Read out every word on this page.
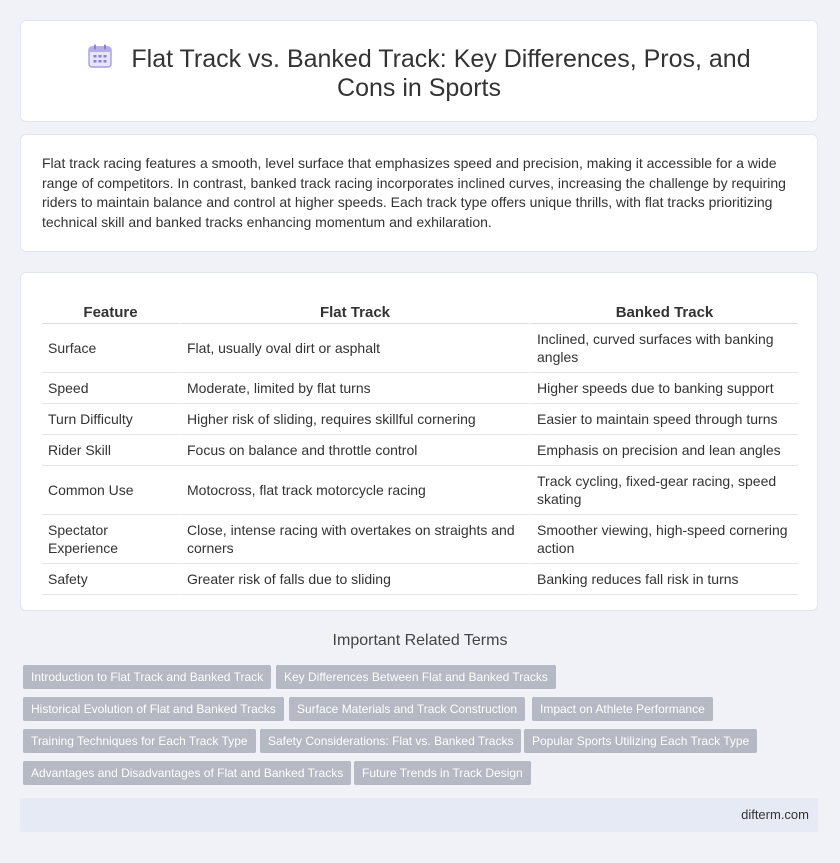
Flat Track vs. Banked Track: Key Differences, Pros, and Cons in Sports

Flat track racing features a smooth, level surface that emphasizes speed and precision, making it accessible for a wide range of competitors. In contrast, banked track racing incorporates inclined curves, increasing the challenge by requiring riders to maintain balance and control at higher speeds. Each track type offers unique thrills, with flat tracks prioritizing technical skill and banked tracks enhancing momentum and exhilaration.

Feature	Flat Track	Banked Track
Surface	Flat, usually oval dirt or asphalt	Inclined, curved surfaces with banking angles
Speed	Moderate, limited by flat turns	Higher speeds due to banking support
Turn Difficulty	Higher risk of sliding, requires skillful cornering	Easier to maintain speed through turns
Rider Skill	Focus on balance and throttle control	Emphasis on precision and lean angles
Common Use	Motocross, flat track motorcycle racing	Track cycling, fixed-gear racing, speed skating
Spectator Experience	Close, intense racing with overtakes on straights and corners	Smoother viewing, high-speed cornering action
Safety	Greater risk of falls due to sliding	Banking reduces fall risk in turns
Important Related Terms
Introduction to Flat Track and Banked Track	Key Differences Between Flat and Banked Tracks
Historical Evolution of Flat and Banked Tracks	Surface Materials and Track Construction	Impact on Athlete Performance
Training Techniques for Each Track Type	Safety Considerations: Flat vs. Banked Tracks	Popular Sports Utilizing Each Track Type
Advantages and Disadvantages of Flat and Banked Tracks	Future Trends in Track Design
difterm.com
